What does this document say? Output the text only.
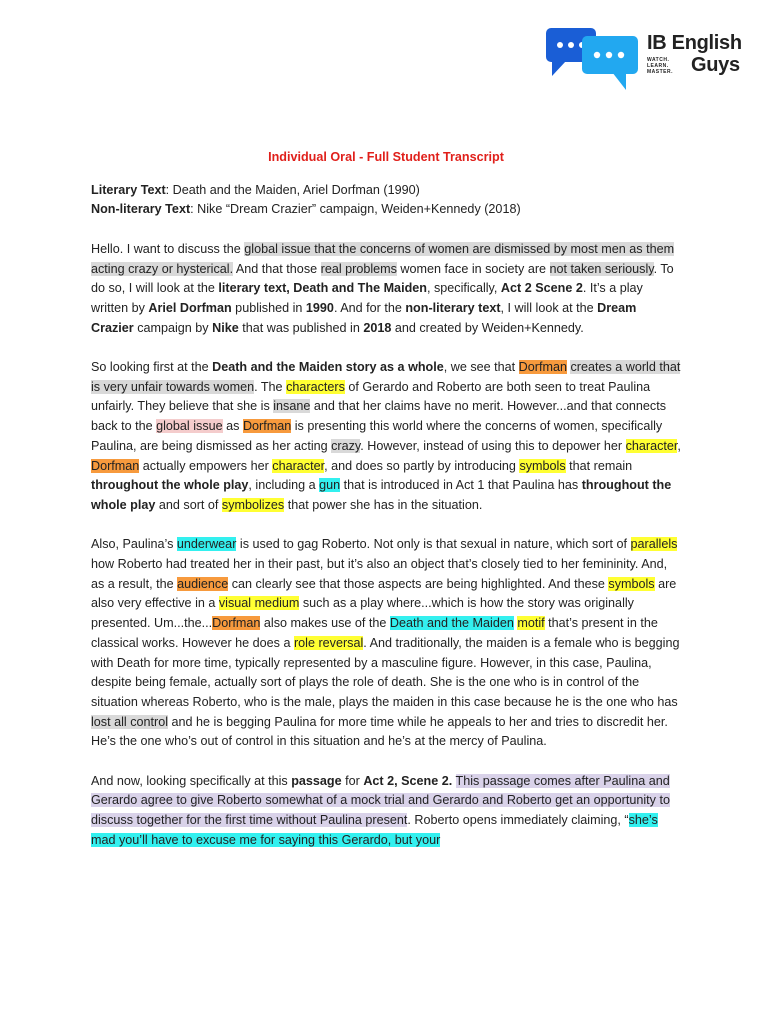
IB English
WATCH. LEARN. MASTER. Guys

Individual Oral - Full Student Transcript

Literary Text: Death and the Maiden, Ariel Dorfman (1990)

Non-literary Text: Nike “Dream Crazier” campaign, Weiden+Kennedy (2018)

Hello. I want to discuss the global issue that the concerns of women are dismissed by most men as them acting crazy or hysterical. And that those real problems women face in society are not taken seriously. To do so, I will look at the literary text, Death and The Maiden, specifically, Act 2 Scene 2. It’s a play written by Ariel Dorfman published in 1990. And for the non-literary text, I will look at the Dream Crazier campaign by Nike that was published in 2018 and created by Weiden+Kennedy.

So looking first at the Death and the Maiden story as a whole, we see that Dorfman creates a world that is very unfair towards women. The characters of Gerardo and Roberto are both seen to treat Paulina unfairly. They believe that she is insane and that her claims have no merit. However...and that connects back to the global issue as Dorfman is presenting this world where the concerns of women, specifically Paulina, are being dismissed as her acting crazy. However, instead of using this to depower her character, Dorfman actually empowers her character, and does so partly by introducing symbols that remain throughout the whole play, including a gun that is introduced in Act 1 that Paulina has throughout the whole play and sort of symbolizes that power she has in the situation.

Also, Paulina’s underwear is used to gag Roberto. Not only is that sexual in nature, which sort of parallels how Roberto had treated her in their past, but it’s also an object that’s closely tied to her femininity. And, as a result, the audience can clearly see that those aspects are being highlighted. And these symbols are also very effective in a visual medium such as a play where...which is how the story was originally presented. Um...the...Dorfman also makes use of the Death and the Maiden motif that’s present in the classical works. However he does a role reversal. And traditionally, the maiden is a female who is begging with Death for more time, typically represented by a masculine figure. However, in this case, Paulina, despite being female, actually sort of plays the role of death. She is the one who is in control of the situation whereas Roberto, who is the male, plays the maiden in this case because he is the one who has lost all control and he is begging Paulina for more time while he appeals to her and tries to discredit her. He’s the one who’s out of control in this situation and he’s at the mercy of Paulina.

And now, looking specifically at this passage for Act 2, Scene 2. This passage comes after Paulina and Gerardo agree to give Roberto somewhat of a mock trial and Gerardo and Roberto get an opportunity to discuss together for the first time without Paulina present. Roberto opens immediately claiming, “she’s mad you’ll have to excuse me for saying this Gerardo, but your
